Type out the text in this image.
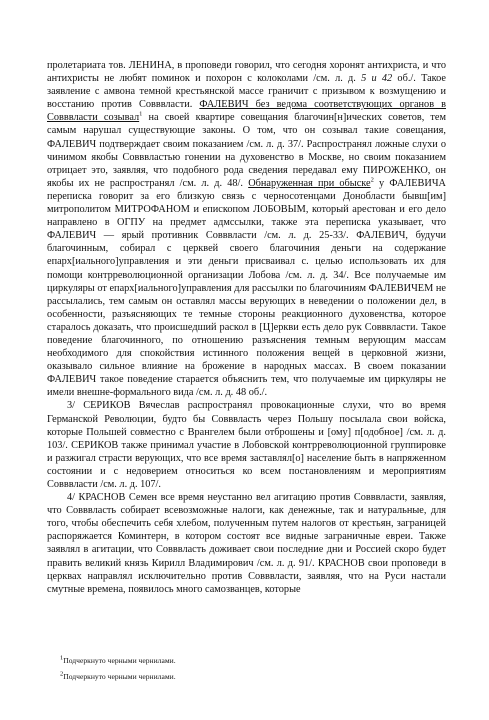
пролетариата тов. ЛЕНИНА, в проповеди говорил, что сегодня хоронят антихриста, и что антихристы не любят поминок и похорон с колоколами /см. л. д. 5 и 42 об./. Такое заявление с амвона темной крестьянской массе граничит с призывом к возмущению и восстанию против Совввласти. ФАЛЕВИЧ без ведома соответствующих органов в Совввласти созывал$^1$ на своей квартире совещания благочин[н]ических советов, тем самым нарушал существующие законы. О том, что он созывал такие совещания, ФАЛЕВИЧ подтверждает своим показанием /см. л. д. 37/. Распространял ложные слухи о чинимом якобы Совввластью гонении на духовенство в Москве, но своим показанием отрицает это, заявляя, что подобного рода сведения передавал ему ПИРОЖЕНКО, он якобы их не распространял /см. л. д. 48/. Обнаруженная при обыске$^2$ у ФАЛЕВИЧА переписка говорит за его близкую связь с черносотенцами Донобласти бывш[им] митрополитом МИТРОФАНОМ и епископом ЛОБОВЫМ, который арестован и его дело направлено в ОГПУ на предмет адмссылки, также эта переписка указывает, что ФАЛЕВИЧ — ярый противник Совввласти /см. л. д. 25-33/. ФАЛЕВИЧ, будучи благочинным, собирал с церквей своего благочиния деньги на содержание епарх[иального]управления и эти деньги присваивал с. целью использовать их для помощи контрреволюционной организации Лобова /см. л. д. 34/. Все получаемые им циркуляры от епарх[иального]управления для рассылки по благочиниям ФАЛЕВИЧЕМ не рассылались, тем самым он оставлял массы верующих в неведении о положении дел, в особенности, разъясняющих те темные стороны реакционного духовенства, которое старалось доказать, что происшедший раскол в [Ц]еркви есть дело рук Совввласти. Такое поведение благочинного, по отношению разъяснения темным верующим массам необходимого для спокойствия истинного положения вещей в церковной жизни, оказывало сильное влияние на брожение в народных массах. В своем показании ФАЛЕВИЧ такое поведение старается объяснить тем, что получаемые им циркуляры не имели внешне-формального вида /см. л. д. 48 об./.

3/ СЕРИКОВ Вячеслав распространял провокационные слухи, что во время Германской Революции, будто бы Совввласть через Польшу посылала свои войска, которые Польшей совместно с Врангелем были отброшены и [ому] п[одобное] /см. л. д. 103/. СЕРИКОВ также принимал участие в Лобовской контрреволюционной группировке и разжигал страсти верующих, что все время заставлял[о] население быть в напряженном состоянии и с недоверием относиться ко всем постановлениям и мероприятиям Совввласти /см. л. д. 107/.

4/ КРАСНОВ Семен все время неустанно вел агитацию против Совввласти, заявляя, что Совввласть собирает всевозможные налоги, как денежные, так и натуральные, для того, чтобы обеспечить себя хлебом, полученным путем налогов от крестьян, заграницей распоряжается Коминтерн, в котором состоят все видные заграничные евреи. Также заявлял в агитации, что Совввласть доживает свои последние дни и Россией скоро будет править великий князь Кирилл Владимирович /см. л. д. 91/. КРАСНОВ свои проповеди в церквах направлял исключительно против Совввласти, заявляя, что на Руси настали смутные времена, появилось много самозванцев, которые

$^1$Подчеркнуто черными чернилами.
$^2$Подчеркнуто черными чернилами.
